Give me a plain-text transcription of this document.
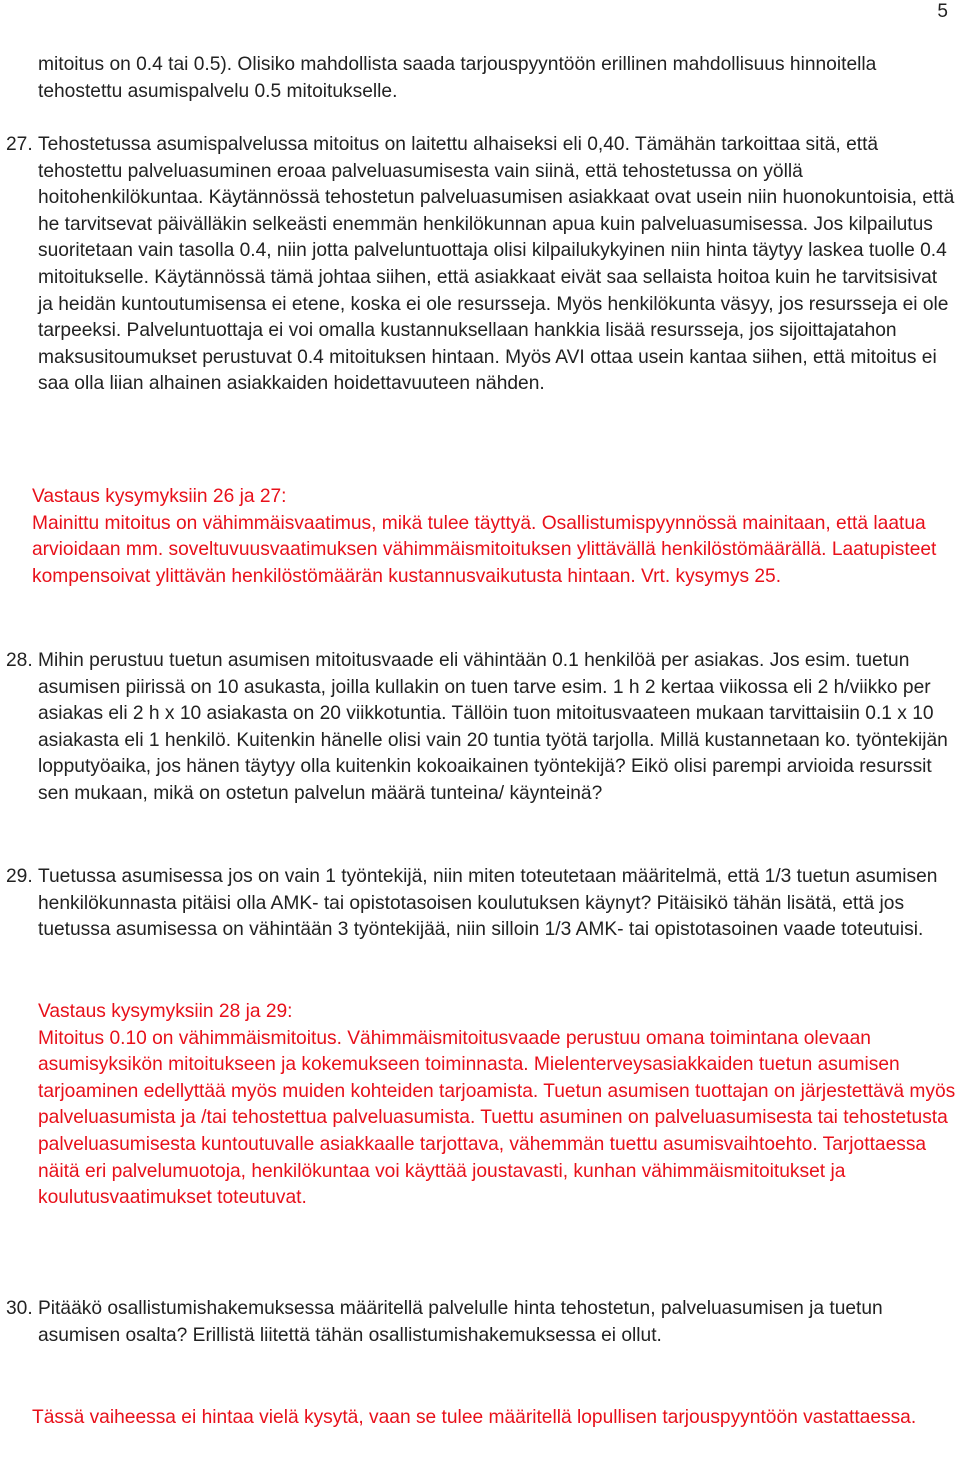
5

mitoitus on 0.4 tai 0.5). Olisiko mahdollista saada tarjouspyyntöön erillinen mahdollisuus hinnoitella tehostettu asumispalvelu 0.5 mitoitukselle.

27. Tehostetussa asumispalvelussa mitoitus on laitettu alhaiseksi eli 0,40. Tämähän tarkoittaa sitä, että tehostettu palveluasuminen eroaa palveluasumisesta vain siinä, että tehostetussa on yöllä hoitohenkilökuntaa. Käytännössä tehostetun palveluasumisen asiakkaat ovat usein niin huonokuntoisia, että he tarvitsevat päivälläkin selkeästi enemmän henkilökunnan apua kuin palveluasumisessa. Jos kilpailutus suoritetaan vain tasolla 0.4, niin jotta palveluntuottaja olisi kilpailukykyinen niin hinta täytyy laskea tuolle 0.4 mitoitukselle. Käytännössä tämä johtaa siihen, että asiakkaat eivät saa sellaista hoitoa kuin he tarvitsisivat ja heidän kuntoutumisensa ei etene, koska ei ole resursseja. Myös henkilökunta väsyy, jos resursseja ei ole tarpeeksi. Palveluntuottaja ei voi omalla kustannuksellaan hankkia lisää resursseja, jos sijoittajatahon maksusitoumukset perustuvat 0.4 mitoituksen hintaan. Myös AVI ottaa usein kantaa siihen, että mitoitus ei saa olla liian alhainen asiakkaiden hoidettavuuteen nähden.

Vastaus kysymyksiin 26 ja 27:

Mainittu mitoitus on vähimmäisvaatimus, mikä tulee täyttyä. Osallistumispyynnössä mainitaan, että laatua arvioidaan mm. soveltuvuusvaatimuksen vähimmäismitoituksen ylittävällä henkilöstömäärällä. Laatupisteet kompensoivat ylittävän henkilöstömäärän kustannusvaikutusta hintaan. Vrt. kysymys 25.

28. Mihin perustuu tuetun asumisen mitoitusvaade eli vähintään 0.1 henkilöä per asiakas. Jos esim. tuetun asumisen piirissä on 10 asukasta, joilla kullakin on tuen tarve esim. 1 h 2 kertaa viikossa eli 2 h/viikko per asiakas eli 2 h x 10 asiakasta on 20 viikkotuntia. Tällöin tuon mitoitusvaateen mukaan tarvittaisiin 0.1 x 10 asiakasta eli 1 henkilö. Kuitenkin hänelle olisi vain 20 tuntia työtä tarjolla. Millä kustannetaan ko. työntekijän lopputyöaika, jos hänen täytyy olla kuitenkin kokoaikainen työntekijä? Eikö olisi parempi arvioida resurssit sen mukaan, mikä on ostetun palvelun määrä tunteina/ käynteinä?

29. Tuetussa asumisessa jos on vain 1 työntekijä, niin miten toteutetaan määritelmä, että 1/3 tuetun asumisen henkilökunnasta pitäisi olla AMK- tai opistotasoisen koulutuksen käynyt? Pitäisikö tähän lisätä, että jos tuetussa asumisessa on vähintään 3 työntekijää, niin silloin 1/3 AMK- tai opistotasoinen vaade toteutuisi.

Vastaus kysymyksiin 28 ja 29:

Mitoitus 0.10 on vähimmäismitoitus. Vähimmäismitoitusvaade perustuu omana toimintana olevaan asumisyksikön mitoitukseen ja kokemukseen toiminnasta. Mielenterveysasiakkaiden tuetun asumisen tarjoaminen edellyttää myös muiden kohteiden tarjoamista. Tuetun asumisen tuottajan on järjestettävä myös palveluasumista ja /tai tehostettua palveluasumista. Tuettu asuminen on palveluasumisesta tai tehostetusta palveluasumisesta kuntoutuvalle asiakkaalle tarjottava, vähemmän tuettu asumisvaihtoehto. Tarjottaessa näitä eri palvelumuotoja, henkilökuntaa voi käyttää joustavasti, kunhan vähimmäismitoitukset ja koulutusvaatimukset toteutuvat.

30. Pitääkö osallistumishakemuksessa määritellä palvelulle hinta tehostetun, palveluasumisen ja tuetun asumisen osalta? Erillistä liitettä tähän osallistumishakemuksessa ei ollut.

Tässä vaiheessa ei hintaa vielä kysytä, vaan se tulee määritellä lopullisen tarjouspyyntöön vastattaessa.
